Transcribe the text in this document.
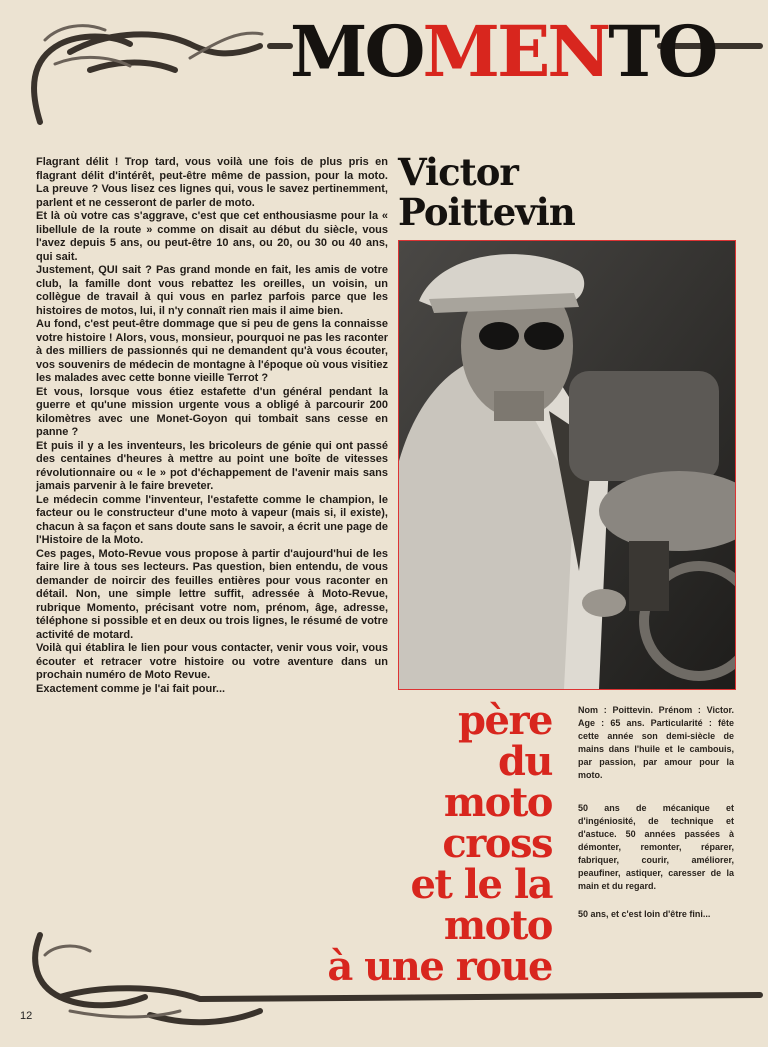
MOMENTO

Flagrant délit ! Trop tard, vous voilà une fois de plus pris en flagrant délit d'intérêt, peut-être même de passion, pour la moto. La preuve ? Vous lisez ces lignes qui, vous le savez pertinemment, parlent et ne cesseront de parler de moto.

Et là où votre cas s'aggrave, c'est que cet enthousiasme pour la « libellule de la route » comme on disait au début du siècle, vous l'avez depuis 5 ans, ou peut-être 10 ans, ou 20, ou 30 ou 40 ans, qui sait.

Justement, QUI sait ? Pas grand monde en fait, les amis de votre club, la famille dont vous rebattez les oreilles, un voisin, un collègue de travail à qui vous en parlez parfois parce que les histoires de motos, lui, il n'y connaît rien mais il aime bien.

Au fond, c'est peut-être dommage que si peu de gens la connaisse votre histoire ! Alors, vous, monsieur, pourquoi ne pas les raconter à des milliers de passionnés qui ne demandent qu'à vous écouter, vos souvenirs de médecin de montagne à l'époque où vous visitiez les malades avec cette bonne vieille Terrot ?

Et vous, lorsque vous étiez estafette d'un général pendant la guerre et qu'une mission urgente vous a obligé à parcourir 200 kilomètres avec une Monet-Goyon qui tombait sans cesse en panne ?

Et puis il y a les inventeurs, les bricoleurs de génie qui ont passé des centaines d'heures à mettre au point une boîte de vitesses révolutionnaire ou « le » pot d'échappement de l'avenir mais sans jamais parvenir à le faire breveter.

Le médecin comme l'inventeur, l'estafette comme le champion, le facteur ou le constructeur d'une moto à vapeur (mais si, il existe), chacun à sa façon et sans doute sans le savoir, a écrit une page de l'Histoire de la Moto.

Ces pages, Moto-Revue vous propose à partir d'aujourd'hui de les faire lire à tous ses lecteurs. Pas question, bien entendu, de vous demander de noircir des feuilles entières pour vous raconter en détail. Non, une simple lettre suffit, adressée à Moto-Revue, rubrique Momento, précisant votre nom, prénom, âge, adresse, téléphone si possible et en deux ou trois lignes, le résumé de votre activité de motard.

Voilà qui établira le lien pour vous contacter, venir vous voir, vous écouter et retracer votre histoire ou votre aventure dans un prochain numéro de Moto Revue.

Exactement comme je l'ai fait pour...

Victor
Poittevin
père
du
moto
cross
et le la
moto
à une roue
Nom : Poittevin. Prénom : Victor. Age : 65 ans. Particularité : fête cette année son demi-siècle de mains dans l'huile et le cambouis, par passion, par amour pour la moto.
50 ans de mécanique et d'ingéniosité, de technique et d'astuce. 50 années passées à démonter, remonter, réparer, fabriquer, courir, améliorer, peaufiner, astiquer, caresser de la main et du regard.
50 ans, et c'est loin d'être fini...
12
